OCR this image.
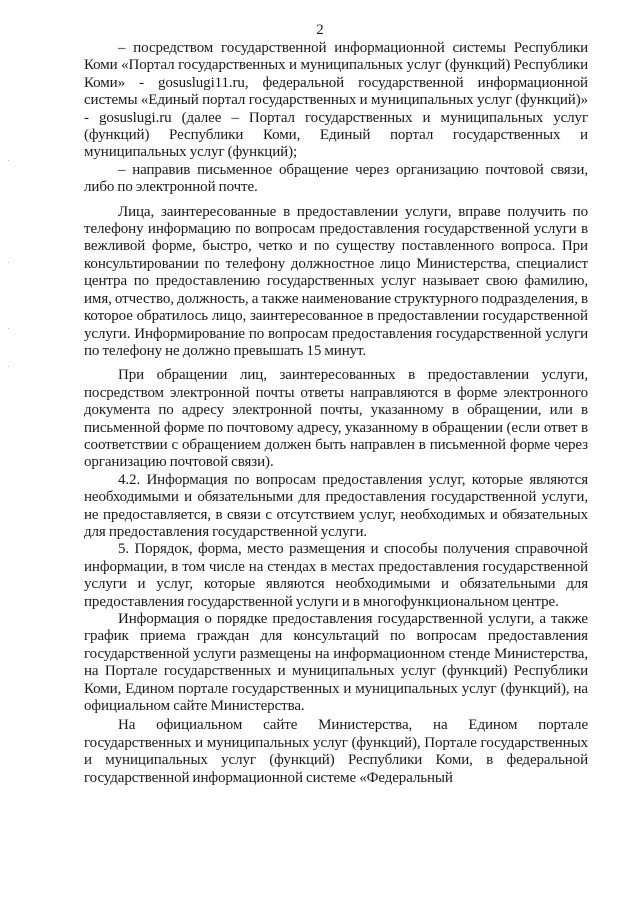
2

– посредством государственной информационной системы Республики Коми «Портал государственных и муниципальных услуг (функций) Республики Коми» - gosuslugi11.ru, федеральной государственной информационной системы «Единый портал государственных и муниципальных услуг (функций)» - gosuslugi.ru (далее – Портал государственных и муниципальных услуг (функций) Республики Коми, Единый портал государственных и муниципальных услуг (функций);

– направив письменное обращение через организацию почтовой связи, либо по электронной почте.

Лица, заинтересованные в предоставлении услуги, вправе получить по телефону информацию по вопросам предоставления государственной услуги в вежливой форме, быстро, четко и по существу поставленного вопроса. При консультировании по телефону должностное лицо Министерства, специалист центра по предоставлению государственных услуг называет свою фамилию, имя, отчество, должность, а также наименование структурного подразделения, в которое обратилось лицо, заинтересованное в предоставлении государственной услуги. Информирование по вопросам предоставления государственной услуги по телефону не должно превышать 15 минут.

При обращении лиц, заинтересованных в предоставлении услуги, посредством электронной почты ответы направляются в форме электронного документа по адресу электронной почты, указанному в обращении, или в письменной форме по почтовому адресу, указанному в обращении (если ответ в соответствии с обращением должен быть направлен в письменной форме через организацию почтовой связи).

4.2. Информация по вопросам предоставления услуг, которые являются необходимыми и обязательными для предоставления государственной услуги, не предоставляется, в связи с отсутствием услуг, необходимых и обязательных для предоставления государственной услуги.

5. Порядок, форма, место размещения и способы получения справочной информации, в том числе на стендах в местах предоставления государственной услуги и услуг, которые являются необходимыми и обязательными для предоставления государственной услуги и в многофункциональном центре.

Информация о порядке предоставления государственной услуги, а также график приема граждан для консультаций по вопросам предоставления государственной услуги размещены на информационном стенде Министерства, на Портале государственных и муниципальных услуг (функций) Республики Коми, Едином портале государственных и муниципальных услуг (функций), на официальном сайте Министерства.

На официальном сайте Министерства, на Едином портале государственных и муниципальных услуг (функций), Портале государственных и муниципальных услуг (функций) Республики Коми, в федеральной государственной информационной системе «Федеральный
